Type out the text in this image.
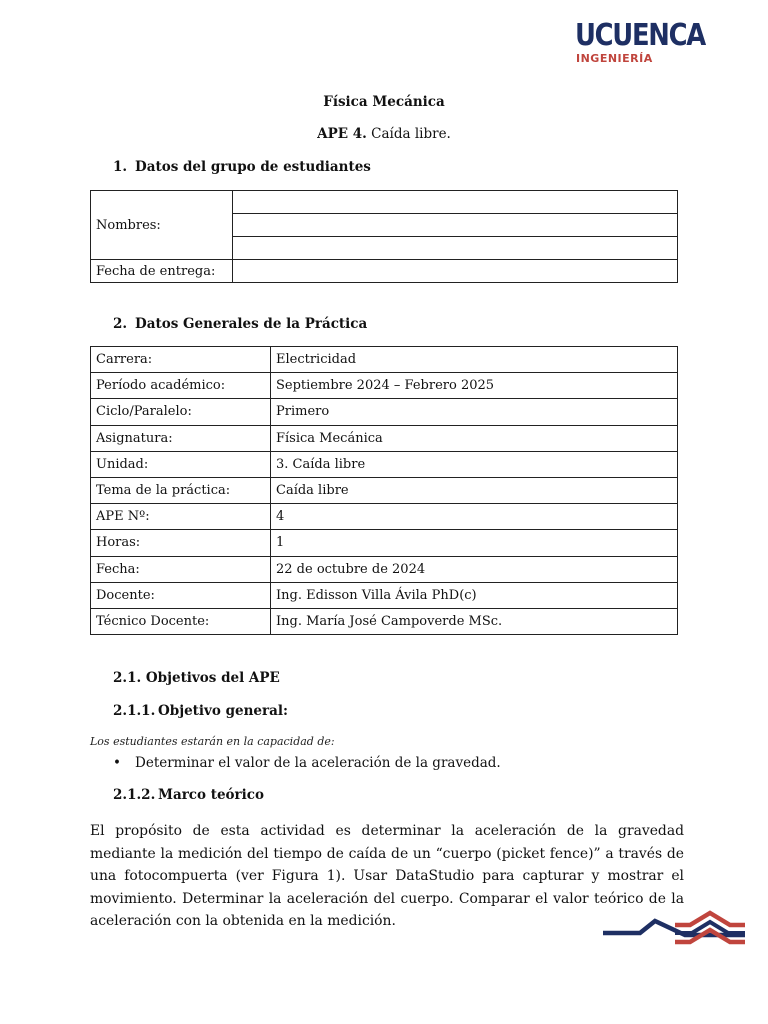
UCUENCA
INGENIERÍA
Física Mecánica
APE 4. Caída libre.
1. Datos del grupo de estudiantes
Nombres:	

Fecha de entrega:	
2. Datos Generales de la Práctica
Carrera:	Electricidad
Período académico:	Septiembre 2024 – Febrero 2025
Ciclo/Paralelo:	Primero
Asignatura:	Física Mecánica
Unidad:	3. Caída libre
Tema de la práctica:	Caída libre
APE Nº:	4
Horas:	1
Fecha:	22 de octubre de 2024
Docente:	Ing. Edisson Villa Ávila PhD(c)
Técnico Docente:	Ing. María José Campoverde MSc.
2.1. Objetivos del APE
2.1.1. Objetivo general:
Los estudiantes estarán en la capacidad de:
• Determinar el valor de la aceleración de la gravedad.
2.1.2. Marco teórico
El propósito de esta actividad es determinar la aceleración de la gravedad mediante la medición del tiempo de caída de un “cuerpo (picket fence)” a través de una fotocompuerta (ver Figura 1). Usar DataStudio para capturar y mostrar el movimiento. Determinar la aceleración del cuerpo. Comparar el valor teórico de la aceleración con la obtenida en la medición.
